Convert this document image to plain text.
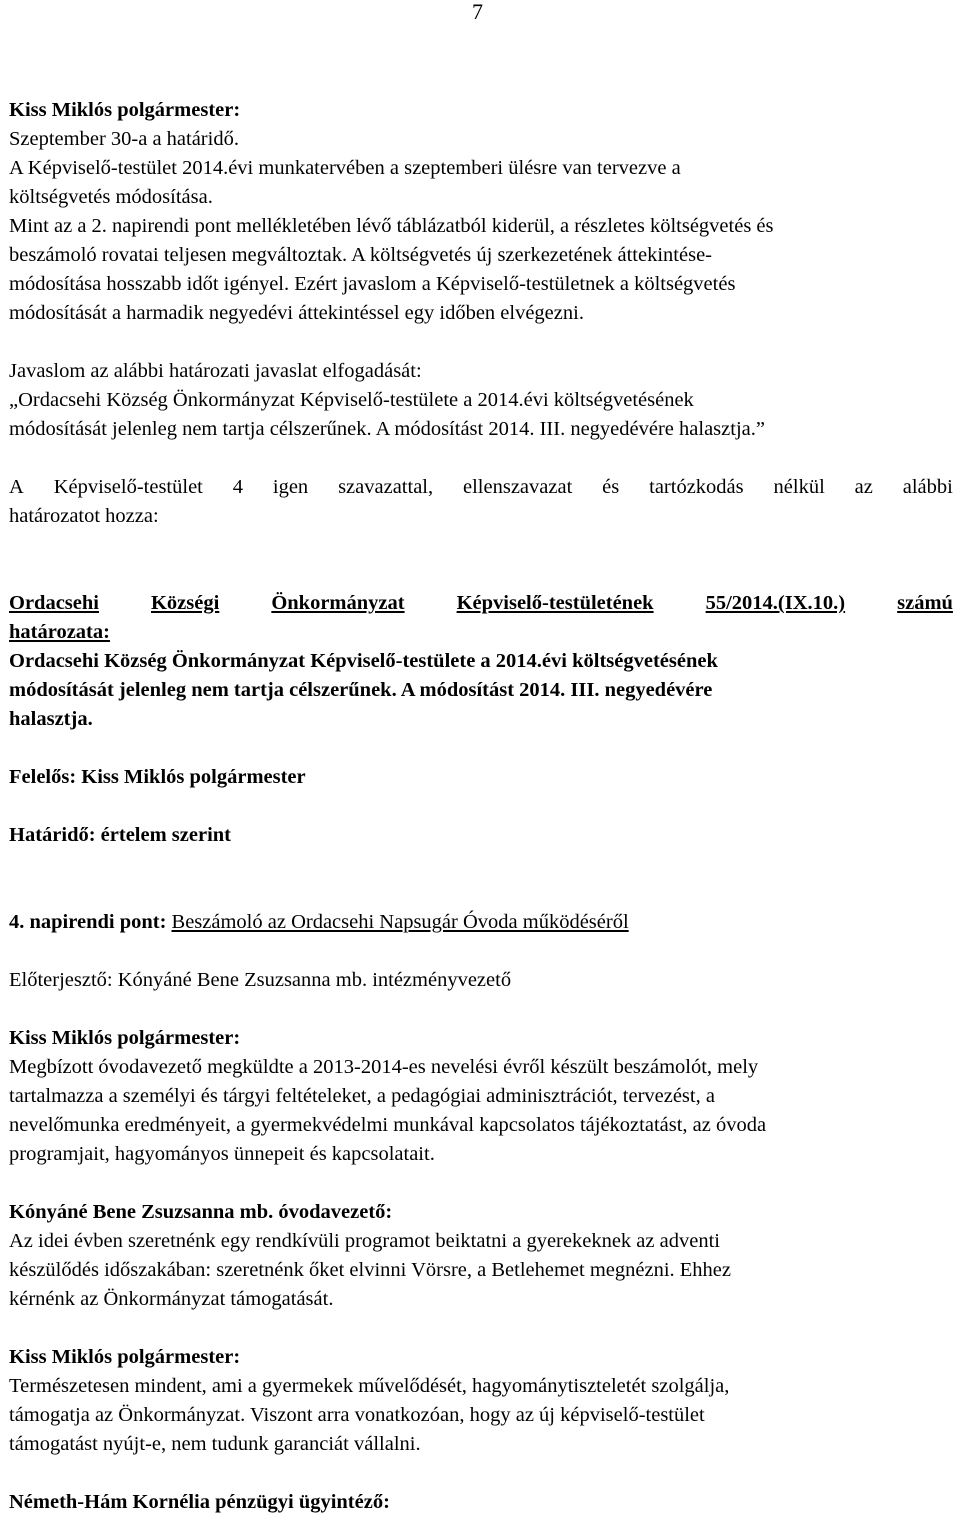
7
Kiss Miklós polgármester:
Szeptember 30-a a határidő.
A Képviselő-testület 2014.évi munkatervében a szeptemberi ülésre van tervezve a
költségvetés módosítása.
Mint az a 2. napirendi pont mellékletében lévő táblázatból kiderül, a részletes költségvetés és
beszámoló rovatai teljesen megváltoztak. A költségvetés új szerkezetének áttekintése-
módosítása hosszabb időt igényel. Ezért javaslom a Képviselő-testületnek a költségvetés
módosítását a harmadik negyedévi áttekintéssel egy időben elvégezni.
Javaslom az alábbi határozati javaslat elfogadását:
„Ordacsehi Község Önkormányzat Képviselő-testülete a 2014.évi költségvetésének
módosítását jelenleg nem tartja célszerűnek. A módosítást 2014. III. negyedévére halasztja.”
A Képviselő-testület 4 igen szavazattal, ellenszavazat és tartózkodás nélkül az alábbi
határozatot hozza:
Ordacsehi	Községi	Önkormányzat	Képviselő-testületének	55/2014.(IX.10.)	számú
határozata:
Ordacsehi Község Önkormányzat Képviselő-testülete a 2014.évi költségvetésének
módosítását jelenleg nem tartja célszerűnek. A módosítást 2014. III. negyedévére
halasztja.
Felelős: Kiss Miklós polgármester
Határidő: értelem szerint
4. napirendi pont: Beszámoló az Ordacsehi Napsugár Óvoda működéséről
Előterjesztő: Kónyáné Bene Zsuzsanna mb. intézményvezető
Kiss Miklós polgármester:
Megbízott óvodavezető megküldte a 2013-2014-es nevelési évről készült beszámolót, mely
tartalmazza a személyi és tárgyi feltételeket, a pedagógiai adminisztrációt, tervezést, a
nevelőmunka eredményeit, a gyermekvédelmi munkával kapcsolatos tájékoztatást, az óvoda
programjait, hagyományos ünnepeit és kapcsolatait.
Kónyáné Bene Zsuzsanna mb. óvodavezető:
Az idei évben szeretnénk egy rendkívüli programot beiktatni a gyerekeknek az adventi
készülődés időszakában: szeretnénk őket elvinni Vörsre, a Betlehemet megnézni. Ehhez
kérnénk az Önkormányzat támogatását.
Kiss Miklós polgármester:
Természetesen mindent, ami a gyermekek művelődését, hagyománytiszteletét szolgálja,
támogatja az Önkormányzat. Viszont arra vonatkozóan, hogy az új képviselő-testület
támogatást nyújt-e, nem tudunk garanciát vállalni.
Németh-Hám Kornélia pénzügyi ügyintéző:
